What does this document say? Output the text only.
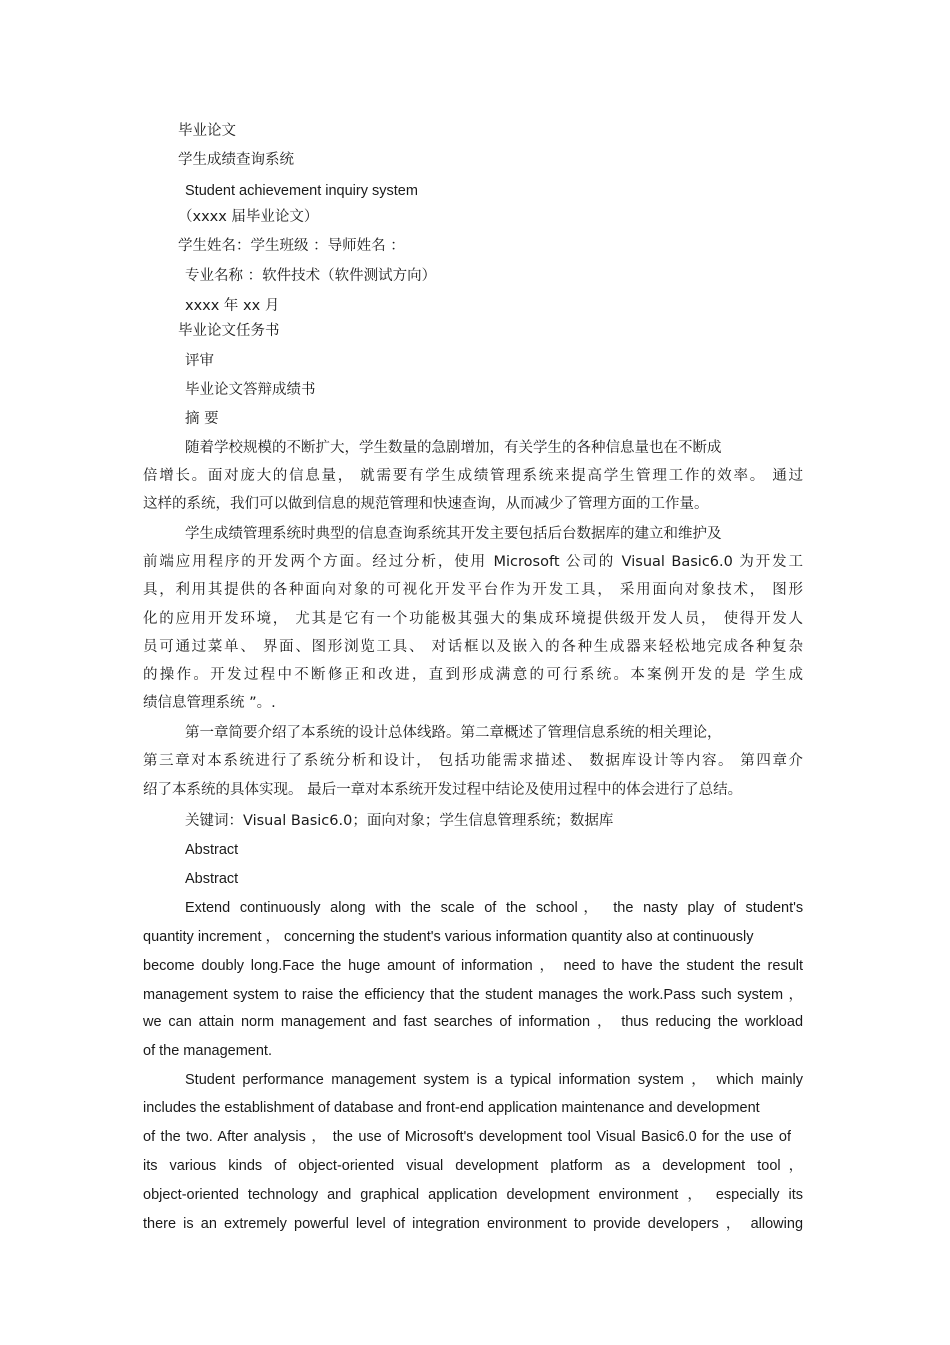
毕业论文

学生成绩查询系统

Student achievement inquiry system

（xxxx 届毕业论文）

学生姓名：学生班级 ：导师姓名 ：

专业名称 ：软件技术（软件测试方向）

xxxx 年 xx 月

毕业论文任务书

评审

毕业论文答辩成绩书

摘 要

随着学校规模的不断扩大，学生数量的急剧增加，有关学生的各种信息量也在不断成

倍增长。面对庞大的信息量， 就需要有学生成绩管理系统来提高学生管理工作的效率。 通过

这样的系统，我们可以做到信息的规范管理和快速查询，从而减少了管理方面的工作量。

学生成绩管理系统时典型的信息查询系统其开发主要包括后台数据库的建立和维护及

前端应用程序的开发两个方面。经过分析，使用 Microsoft 公司的 Visual Basic6.0 为开发工

具，利用其提供的各种面向对象的可视化开发平台作为开发工具， 采用面向对象技术， 图形

化的应用开发环境， 尤其是它有一个功能极其强大的集成环境提供级开发人员， 使得开发人

员可通过菜单、 界面、图形浏览工具、 对话框以及嵌入的各种生成器来轻松地完成各种复杂

的操作。开发过程中不断修正和改进，直到形成满意的可行系统。本案例开发的是 学生成

绩信息管理系统 ”。.

第一章简要介绍了本系统的设计总体线路。第二章概述了管理信息系统的相关理论，

第三章对本系统进行了系统分析和设计， 包括功能需求描述、 数据库设计等内容。 第四章介

绍了本系统的具体实现。 最后一章对本系统开发过程中结论及使用过程中的体会进行了总结。

关键词：Visual Basic6.0；面向对象；学生信息管理系统；数据库

Abstract

Abstract

Extend continuously along with the scale of the school， the nasty play of student's

quantity increment ， concerning the student's various information quantity also at continuously

become doubly long.Face the huge amount of information ， need to have the student the result

management system to raise the efficiency that the student manages the work.Pass such system ，

we can attain norm management and fast searches of information ， thus reducing the workload

of the management.

Student performance management system is a typical information system ， which mainly

includes the establishment of database and front-end application maintenance and development

of the two. After analysis ， the use of Microsoft's development tool Visual Basic6.0 for the use of

its various kinds of object-oriented visual development platform as a development tool，

object-oriented technology and graphical application development environment ， especially its

there is an extremely powerful level of integration environment to provide developers ， allowing
